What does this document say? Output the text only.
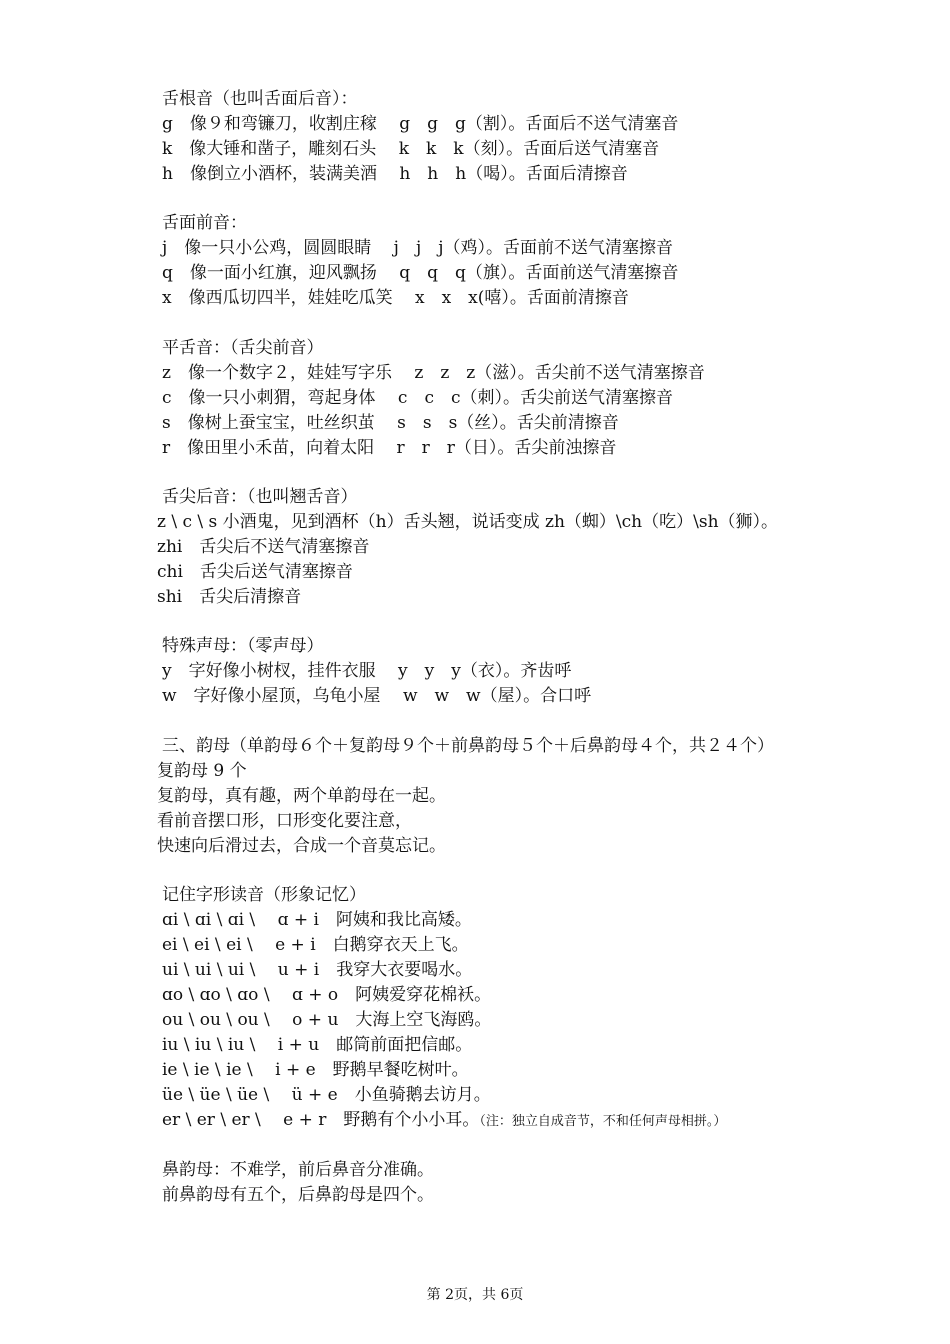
舌根音（也叫舌面后音）：
g　像９和弯镰刀，收割庄稼　 g　g　g（割）。舌面后不送气清塞音
k　像大锤和凿子，雕刻石头　 k　k　k（刻）。舌面后送气清塞音
h　像倒立小酒杯，装满美酒　 h　h　h（喝）。舌面后清擦音
舌面前音：
j　像一只小公鸡，圆圆眼睛　 j　j　j（鸡）。舌面前不送气清塞擦音
q　像一面小红旗，迎风飘扬　 q　q　q（旗）。舌面前送气清塞擦音
x　像西瓜切四半，娃娃吃瓜笑　 x　x　x(嘻）。舌面前清擦音
平舌音：（舌尖前音）
z　像一个数字２，娃娃写字乐　 z　z　z（滋）。舌尖前不送气清塞擦音
c　像一只小刺猬，弯起身体　 c　c　c（刺）。舌尖前送气清塞擦音
s　像树上蚕宝宝，吐丝织茧　 s　s　s（丝）。舌尖前清擦音
r　像田里小禾苗，向着太阳　 r　r　r（日）。舌尖前浊擦音
舌尖后音：（也叫翘舌音）
z \ c \ s 小酒鬼，见到酒杯（h）舌头翘，说话变成 zh（蜘）\ch（吃）\sh（狮）。
zhi　舌尖后不送气清塞擦音
chi　舌尖后送气清塞擦音
shi　舌尖后清擦音
特殊声母：（零声母）
y　字好像小树杈，挂件衣服　 y　y　y（衣）。齐齿呼
w　字好像小屋顶，乌龟小屋　 w　w　w（屋）。合口呼
三、韵母（单韵母６个＋复韵母９个＋前鼻韵母５个＋后鼻韵母４个，共２４个）
复韵母 9 个
复韵母，真有趣，两个单韵母在一起。
看前音摆口形，口形变化要注意，
快速向后滑过去，合成一个音莫忘记。
记住字形读音（形象记忆）
ɑi \ ɑi \ ɑi \　 ɑ + i　阿姨和我比高矮。
ei \ ei \ ei \　 e + i　白鹅穿衣天上飞。
ui \ ui \ ui \　 u + i　我穿大衣要喝水。
ɑo \ ɑo \ ɑo \　 ɑ + o　阿姨爱穿花棉袄。
ou \ ou \ ou \　 o + u　大海上空飞海鸥。
iu \ iu \ iu \　 i + u　邮筒前面把信邮。
ie \ ie \ ie \　 i + e　野鹅早餐吃树叶。
üe \ üe \ üe \　 ü + e　小鱼骑鹅去访月。
er \ er \ er \　 e + r　野鹅有个小小耳。（注：独立自成音节，不和任何声母相拼。）
鼻韵母：不难学，前后鼻音分准确。
前鼻韵母有五个，后鼻韵母是四个。
第 2页，共 6页
